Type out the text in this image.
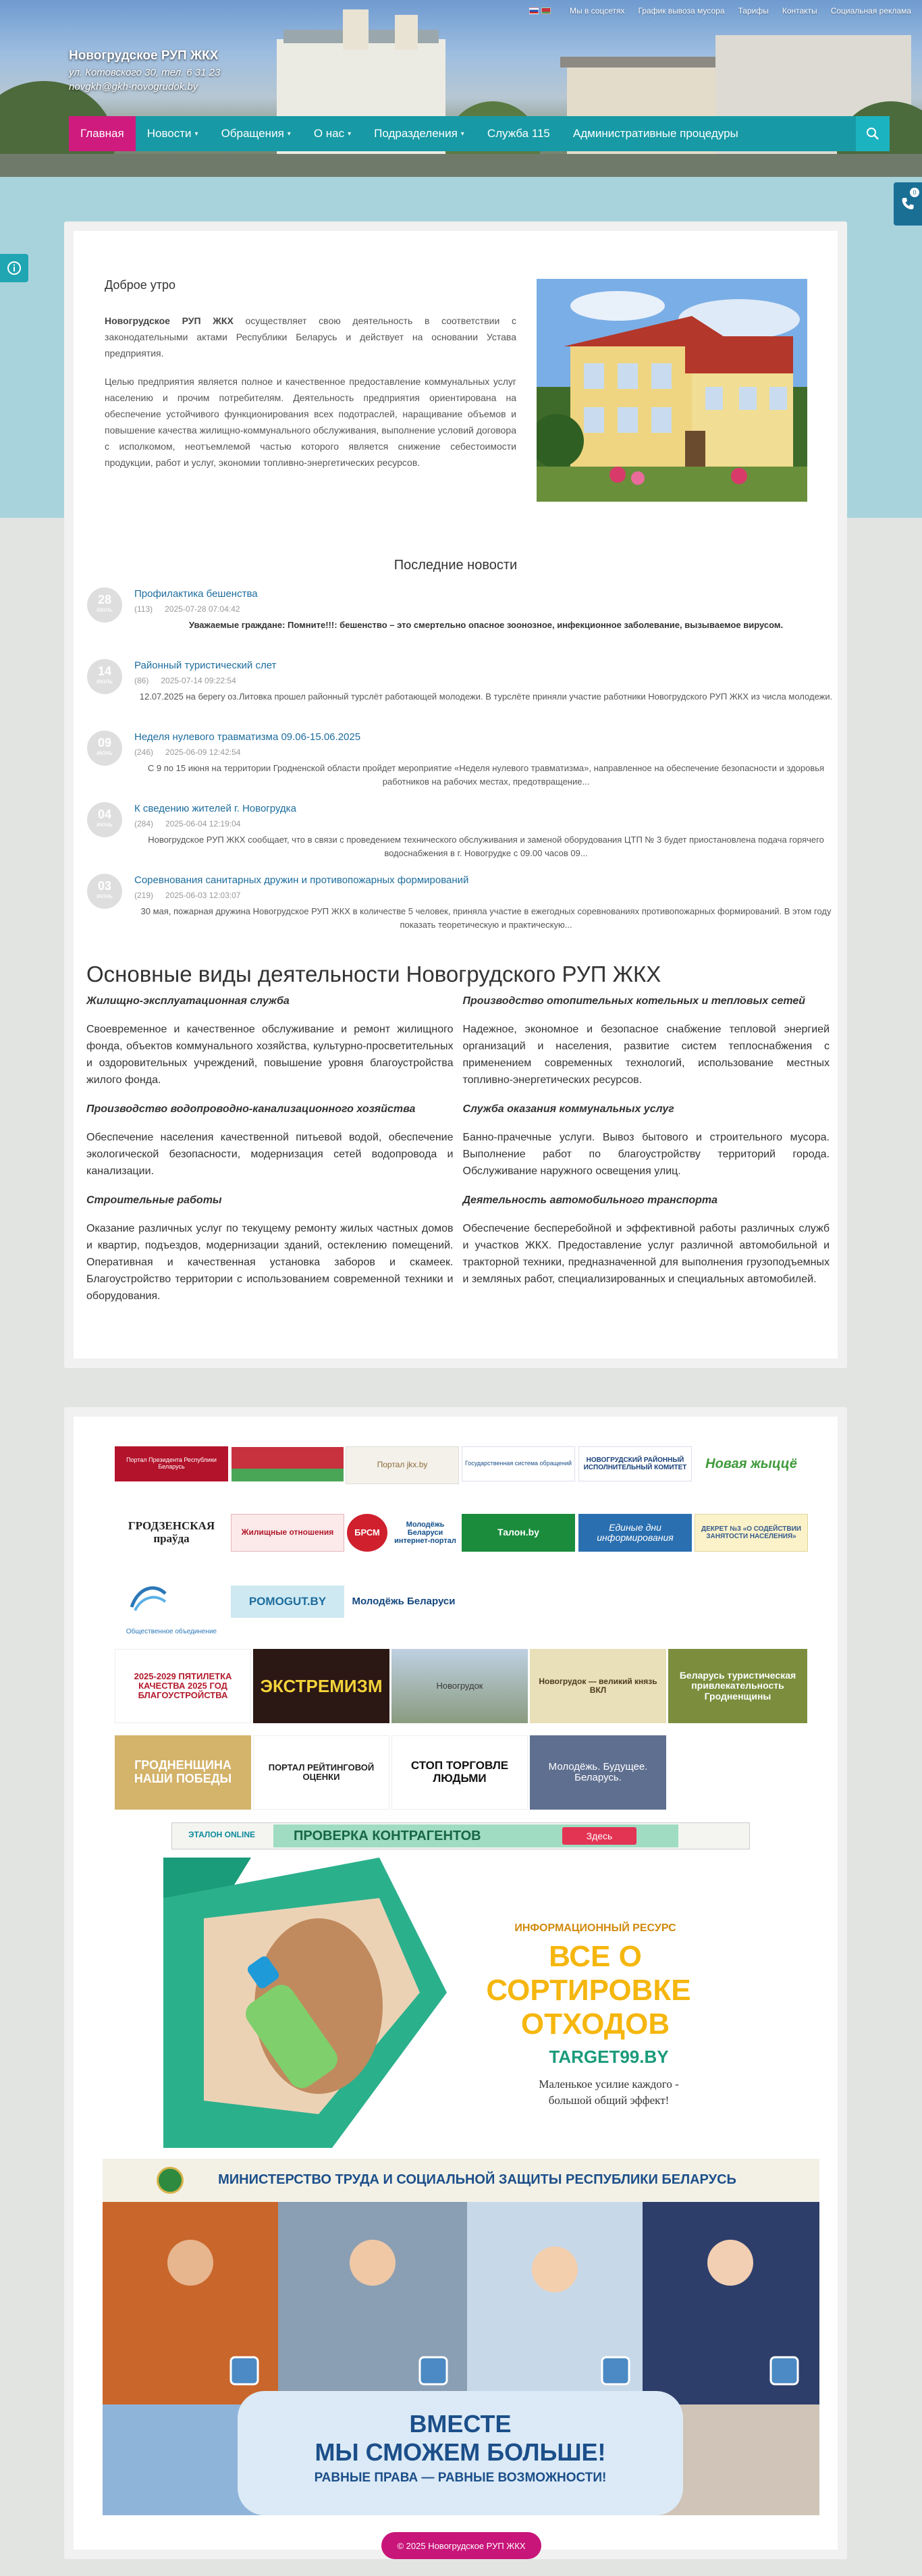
Мы в соцсетях График вывоза мусора Тарифы Контакты Социальная реклама
Новогрудское РУП ЖКХ
ул. Котовского 30, тел. 6 31 23
novgkh@gkh-novogrudok.by
Главная Новости ▾ Обращения ▾ О нас ▾ Подразделения ▾ Служба 115 Административные процедуры
0
Доброе утро

Новогрудское РУП ЖКХ осуществляет свою деятельность в соответствии с законодательными актами Республики Беларусь и действует на основании Устава предприятия.

Целью предприятия является полное и качественное предоставление коммунальных услуг населению и прочим потребителям. Деятельность предприятия ориентирована на обеспечение устойчивого функционирования всех подотраслей, наращивание объемов и повышение качества жилищно-коммунального обслуживания, выполнение условий договора с исполкомом, неотъемлемой частью которого является снижение себестоимости продукции, работ и услуг, экономии топливно-энергетических ресурсов.

Последние новости
28
июль
Профилактика бешенства
(113) 2025-07-28 07:04:42
Уважаемые граждане: Помните!!!: бешенство – это смертельно опасное зоонозное, инфекционное заболевание, вызываемое вирусом.
14
июль
Районный туристический слет
(86) 2025-07-14 09:22:54
12.07.2025 на берегу оз.Литовка прошел районный турслёт работающей молодежи. В турслёте приняли участие работники Новогрудского РУП ЖКХ из числа молодежи.
09
июнь
Неделя нулевого травматизма 09.06-15.06.2025
(246) 2025-06-09 12:42:54
С 9 по 15 июня на территории Гродненской области пройдет мероприятие «Неделя нулевого травматизма», направленное на обеспечение безопасности и здоровья работников на рабочих местах, предотвращение...
04
июнь
К сведению жителей г. Новогрудка
(284) 2025-06-04 12:19:04
Новогрудское РУП ЖКХ сообщает, что в связи с проведением технического обслуживания и заменой оборудования ЦТП № 3 будет приостановлена подача горячего водоснабжения в г. Новогрудке с 09.00 часов 09...
03
июнь
Соревнования санитарных дружин и противопожарных формирований
(219) 2025-06-03 12:03:07
30 мая, пожарная дружина Новогрудское РУП ЖКХ в количестве 5 человек, приняла участие в ежегодных соревнованиях противопожарных формирований. В этом году показать теоретическую и практическую...
Основные виды деятельности Новогрудского РУП ЖКХ
Жилищно-эксплуатационная служба
Своевременное и качественное обслуживание и ремонт жилищного фонда, объектов коммунального хозяйства, культурно-просветительных и оздоровительных учреждений, повышение уровня благоустройства жилого фонда.
Производство водопроводно-канализационного хозяйства
Обеспечение населения качественной питьевой водой, обеспечение экологической безопасности, модернизация сетей водопровода и канализации.
Строительные работы
Оказание различных услуг по текущему ремонту жилых частных домов и квартир, подъездов, модернизации зданий, остеклению помещений. Оперативная и качественная установка заборов и скамеек. Благоустройство территории с использованием современной техники и оборудования.
Производство отопительных котельных и тепловых сетей
Надежное, экономное и безопасное снабжение тепловой энергией организаций и населения, развитие систем теплоснабжения с применением современных технологий, использование местных топливно-энергетических ресурсов.
Служба оказания коммунальных услуг
Банно-прачечные услуги. Вывоз бытового и строительного мусора. Выполнение работ по благоустройству территорий города. Обслуживание наружного освещения улиц.
Деятельность автомобильного транспорта
Обеспечение бесперебойной и эффективной работы различных служб и участков ЖКХ. Предоставление услуг различной автомобильной и тракторной техники, предназначенной для выполнения грузоподъемных и земляных работ, специализированных и специальных автомобилей.
Портал Президента Республики Беларусь	Портал jkx.by	Государственная система обращений	НОВОГРУДСКИЙ РАЙОННЫЙ ИСПОЛНИТЕЛЬНЫЙ КОМИТЕТ	Новая жыццё
ГРОДЗЕНСКАЯ праўда	Жилищные отношения БРСМ
Молодёжь Беларуси интернет-портал
Талон.by	Единые дни информирования
ДЕКРЕТ №3 «О СОДЕЙСТВИИ ЗАНЯТОСТИ НАСЕЛЕНИЯ»
Общественное объединение
POMOGUT.BY	Молодёжь Беларуси
2025-2029 ПЯТИЛЕТКА КАЧЕСТВА 2025 ГОД БЛАГОУСТРОЙСТВА	ЭКСТРЕМИЗМ	Новогрудок	Новогрудок — великий князь ВКЛ
Беларусь туристическая привлекательность Гродненщины
ГРОДНЕНЩИНА НАШИ ПОБЕДЫ
ПОРТАЛ РЕЙТИНГОВОЙ ОЦЕНКИ
СТОП ТОРГОВЛЕ ЛЮДЬМИ
Молодёжь. Будущее. Беларусь.
ЭТАЛОН ONLINE	ПРОВЕРКА КОНТРАГЕНТОВ	Здесь
ИНФОРМАЦИОННЫЙ РЕСУРС
ВСЕ О
СОРТИРОВКЕ
ОТХОДОВ
TARGET99.BY
Маленькое усилие каждого -
большой общий эффект!
МИНИСТЕРСТВО ТРУДА И СОЦИАЛЬНОЙ ЗАЩИТЫ РЕСПУБЛИКИ БЕЛАРУСЬ
ВМЕСТЕ
МЫ СМОЖЕМ БОЛЬШЕ!
РАВНЫЕ ПРАВА — РАВНЫЕ ВОЗМОЖНОСТИ!
© 2025 Новогрудское РУП ЖКХ
